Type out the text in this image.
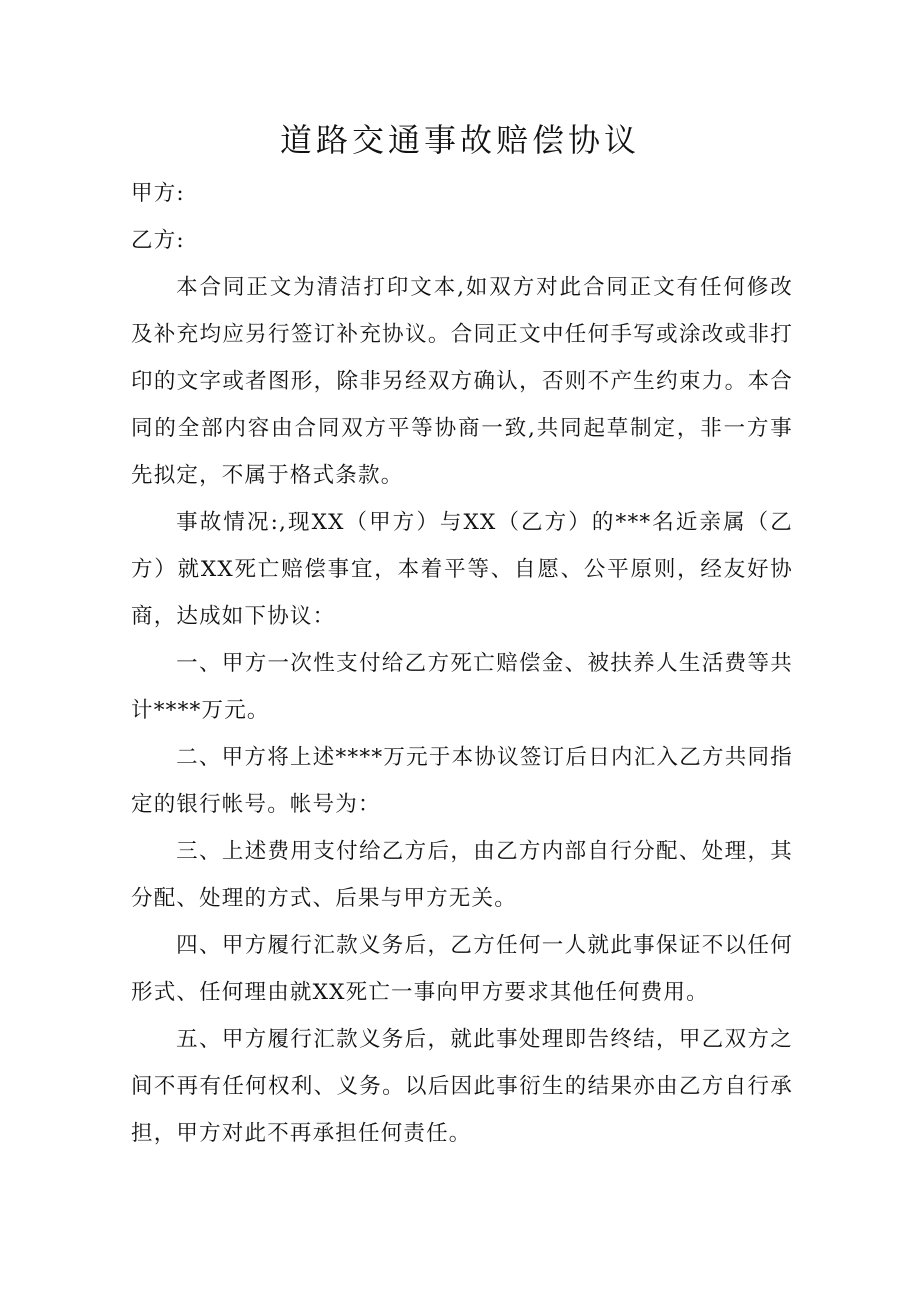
道路交通事故赔偿协议

甲方:

乙方:

本合同正文为清洁打印文本,如双方对此合同正文有任何修改及补充均应另行签订补充协议。合同正文中任何手写或涂改或非打印的文字或者图形，除非另经双方确认，否则不产生约束力。本合同的全部内容由合同双方平等协商一致,共同起草制定，非一方事先拟定，不属于格式条款。

事故情况:,现XX（甲方）与XX（乙方）的***名近亲属（乙方）就XX死亡赔偿事宜，本着平等、自愿、公平原则，经友好协商，达成如下协议：

一、甲方一次性支付给乙方死亡赔偿金、被扶养人生活费等共计****万元。

二、甲方将上述****万元于本协议签订后日内汇入乙方共同指定的银行帐号。帐号为：

三、上述费用支付给乙方后，由乙方内部自行分配、处理，其分配、处理的方式、后果与甲方无关。

四、甲方履行汇款义务后，乙方任何一人就此事保证不以任何形式、任何理由就XX死亡一事向甲方要求其他任何费用。

五、甲方履行汇款义务后，就此事处理即告终结，甲乙双方之间不再有任何权利、义务。以后因此事衍生的结果亦由乙方自行承担，甲方对此不再承担任何责任。
